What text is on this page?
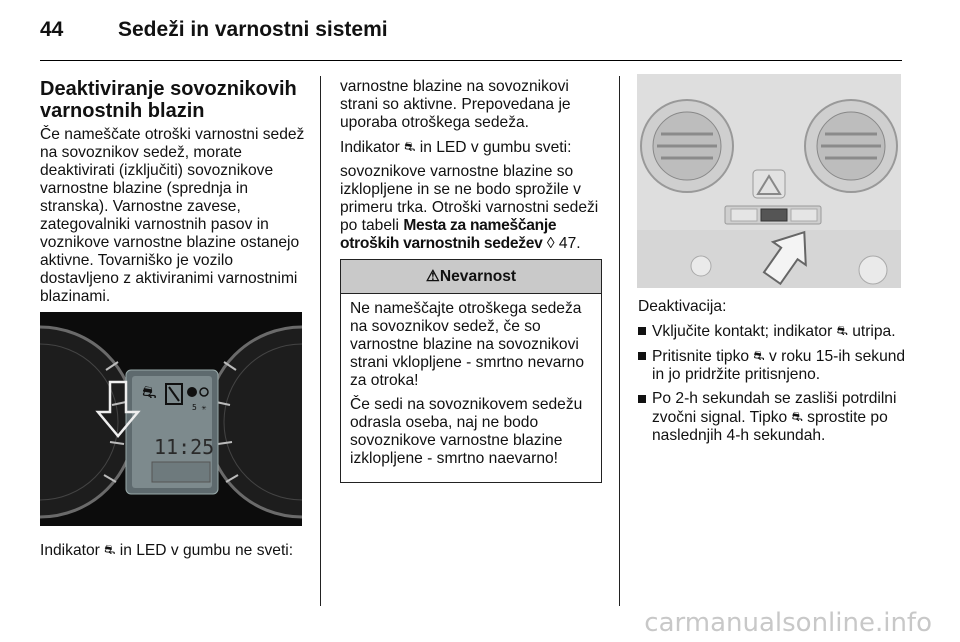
44	Sedeži in varnostni sistemi
Deaktiviranje sovoznikovih varnostnih blazin
Če nameščate otroški varnostni sedež na sovoznikov sedež, morate deaktivirati (izključiti) sovoznikove varnostne blazine (sprednja in stranska). Varnostne zavese, zategovalniki varnostnih pasov in voznikove varnostne blazine ostanejo aktivne. Tovarniško je vozilo dostavljeno z aktiviranimi varnostnimi blazinami.
⛐
5 ✳
11:25
Indikator ⛐ in LED v gumbu ne sveti:
varnostne blazine na sovoznikovi strani so aktivne. Prepovedana je uporaba otroškega sedeža.
Indikator ⛐ in LED v gumbu sveti:
sovoznikove varnostne blazine so izklopljene in se ne bodo sprožile v primeru trka. Otroški varnostni sedeži po tabeli Mesta za nameščanje otroških varnostnih sedežev ◊ 47.
⚠Nevarnost
Ne nameščajte otroškega sedeža na sovoznikov sedež, če so varnostne blazine na sovoznikovi strani vklopljene - smrtno nevarno za otroka!
Če sedi na sovoznikovem sedežu odrasla oseba, naj ne bodo sovoznikove varnostne blazine izklopljene - smrtno naevarno!
Deaktivacija:
Vključite kontakt; indikator ⛐ utripa.
Pritisnite tipko ⛐ v roku 15-ih sekund in jo pridržite pritisnjeno.
Po 2-h sekundah se zasliši potrdilni zvočni signal. Tipko ⛐ sprostite po naslednjih 4-h sekundah.
carmanualsonline.info
